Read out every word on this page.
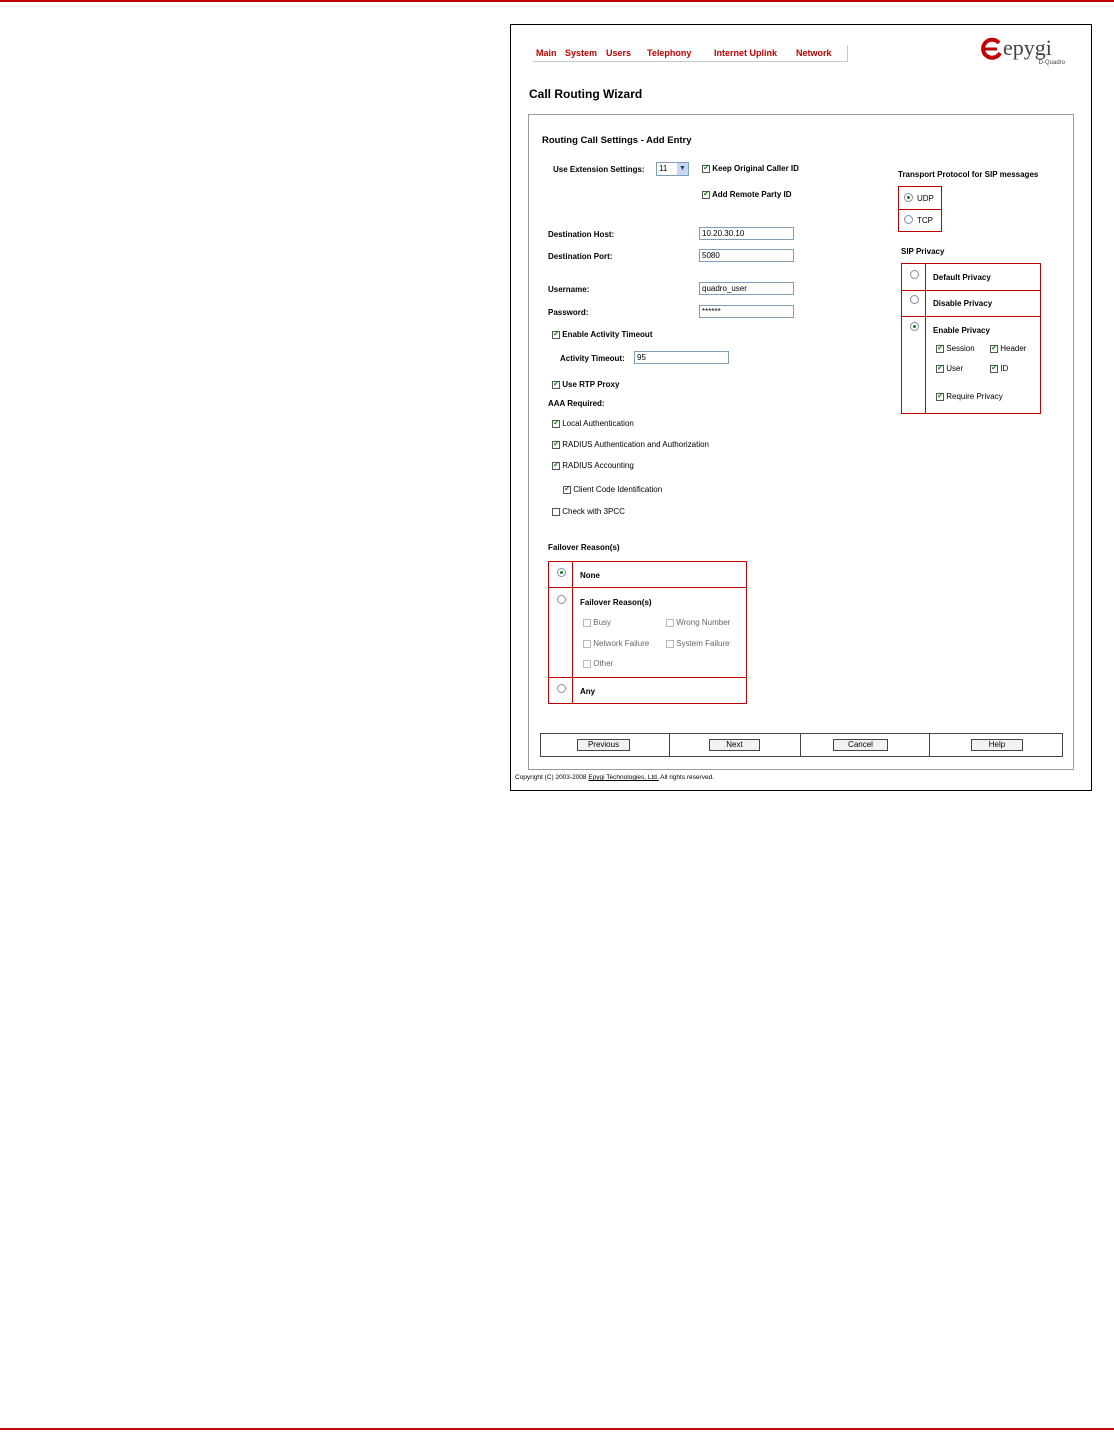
Main System Users Telephony	Internet Uplink Network	epygi
D-Quadro
Call Routing Wizard
Routing Call Settings - Add Entry
Use Extension Settings:	11 ▼ ✓	Keep Original Caller ID
✓ Add Remote Party ID
Destination Host:	10.20.30.10
Destination Port:	5080
Username:	quadro_user
Password:	******
✓ Enable Activity Timeout
Activity Timeout:	95
✓ Use RTP Proxy
AAA Required:
✓ Local Authentication
✓ RADIUS Authentication and Authorization
✓ RADIUS Accounting
✓ Client Code Identification
Check with 3PCC
Transport Protocol for SIP messages
UDP
TCP
SIP Privacy
Default Privacy
Disable Privacy
Enable Privacy
✓ Session ✓	Header
✓ User ✓	ID
✓ Require Privacy
Failover Reason(s)
None
Failover Reason(s)
Busy	Wrong Number
Network Failure	System Failure
Other
Any
Previous	Next	Cancel	Help
Copyright (C) 2003-2008 Epygi Technologies, Ltd. All rights reserved.
